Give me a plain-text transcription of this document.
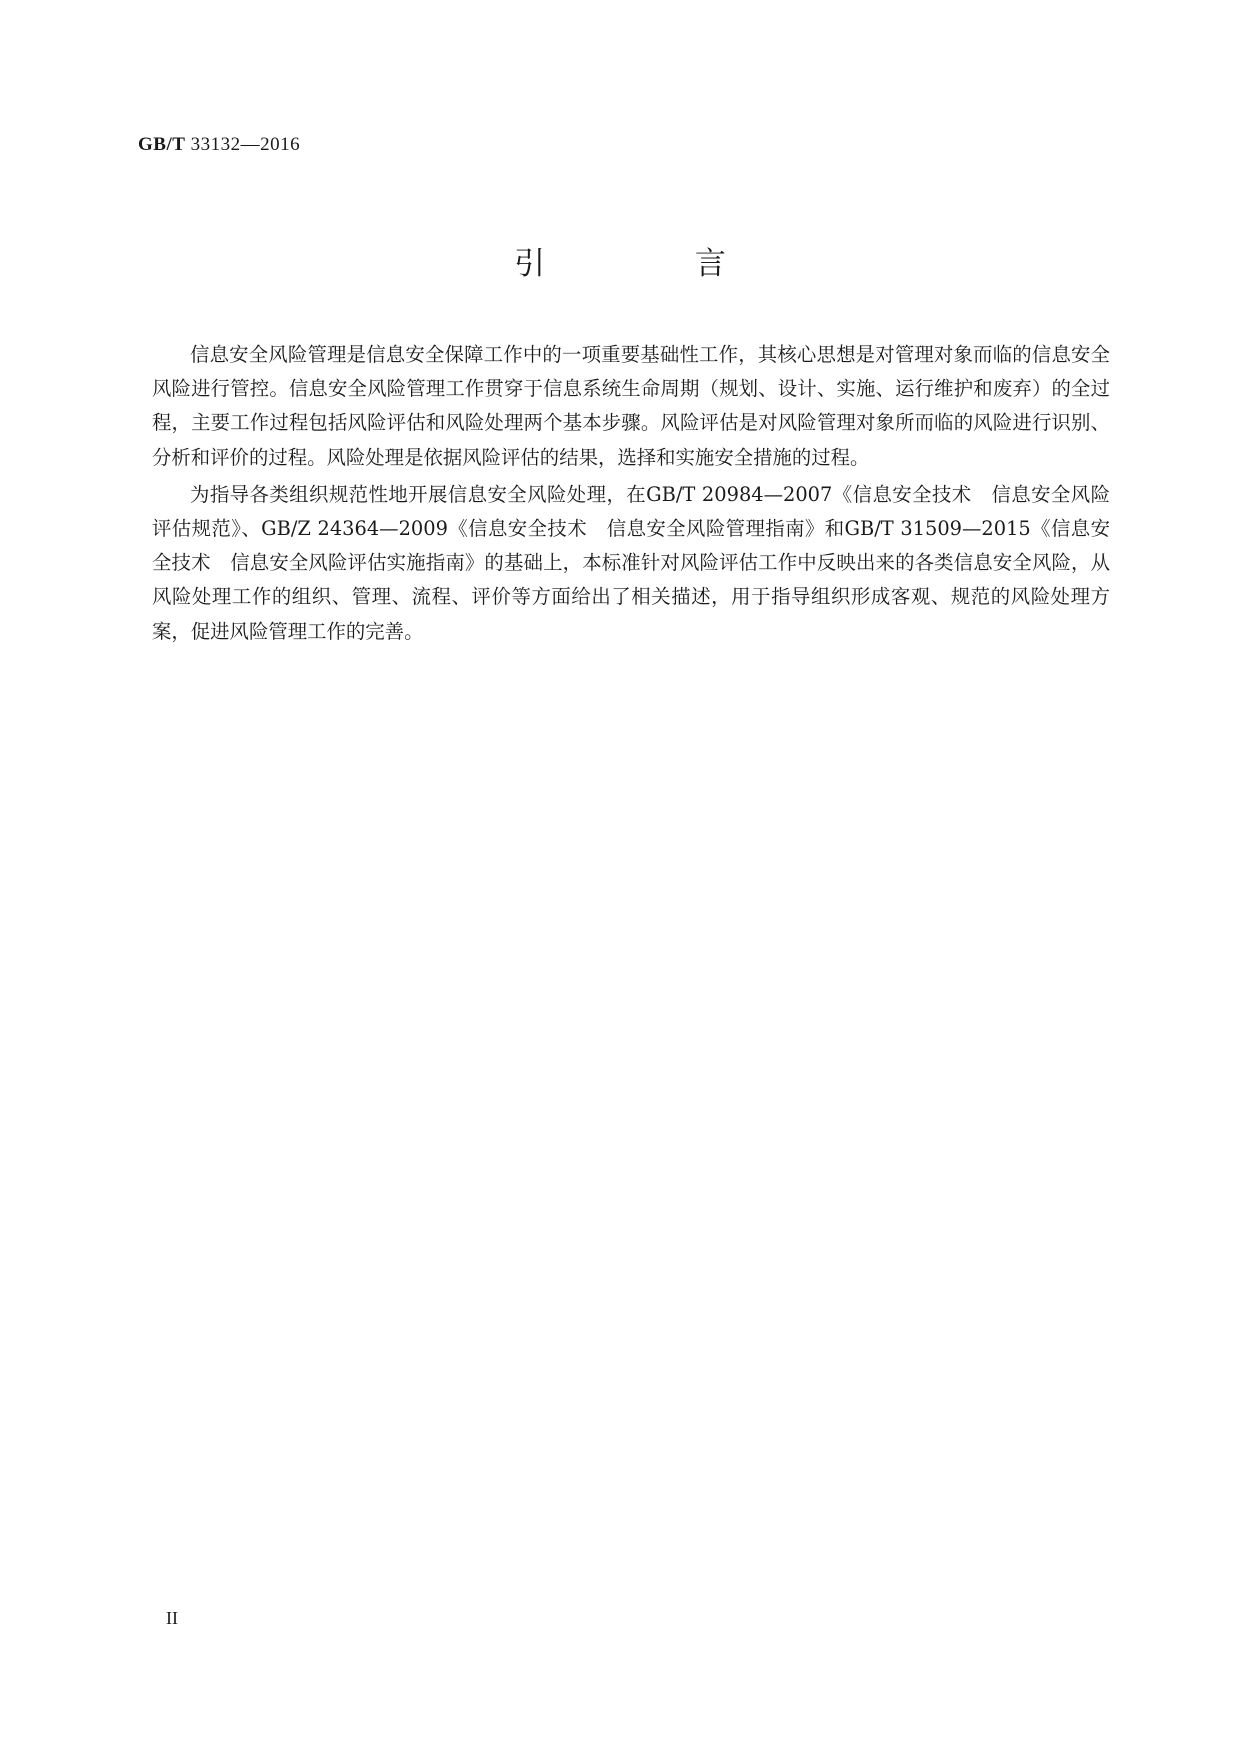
GB/T 33132—2016
引 言

信息安全风险管理是信息安全保障工作中的一项重要基础性工作，其核心思想是对管理对象而临的信息安全风险进行管控。信息安全风险管理工作贯穿于信息系统生命周期（规划、设计、实施、运行维护和废弃）的全过程，主要工作过程包括风险评估和风险处理两个基本步骤。风险评估是对风险管理对象所而临的风险进行识别、分析和评价的过程。风险处理是依据风险评估的结果，选择和实施安全措施的过程。

为指导各类组织规范性地开展信息安全风险处理，在GB/T 20984—2007《信息安全技术　信息安全风险评估规范》、GB/Z 24364—2009《信息安全技术　信息安全风险管理指南》和GB/T 31509—2015《信息安全技术　信息安全风险评估实施指南》的基础上，本标准针对风险评估工作中反映出来的各类信息安全风险，从风险处理工作的组织、管理、流程、评价等方面给出了相关描述，用于指导组织形成客观、规范的风险处理方案，促进风险管理工作的完善。

II
